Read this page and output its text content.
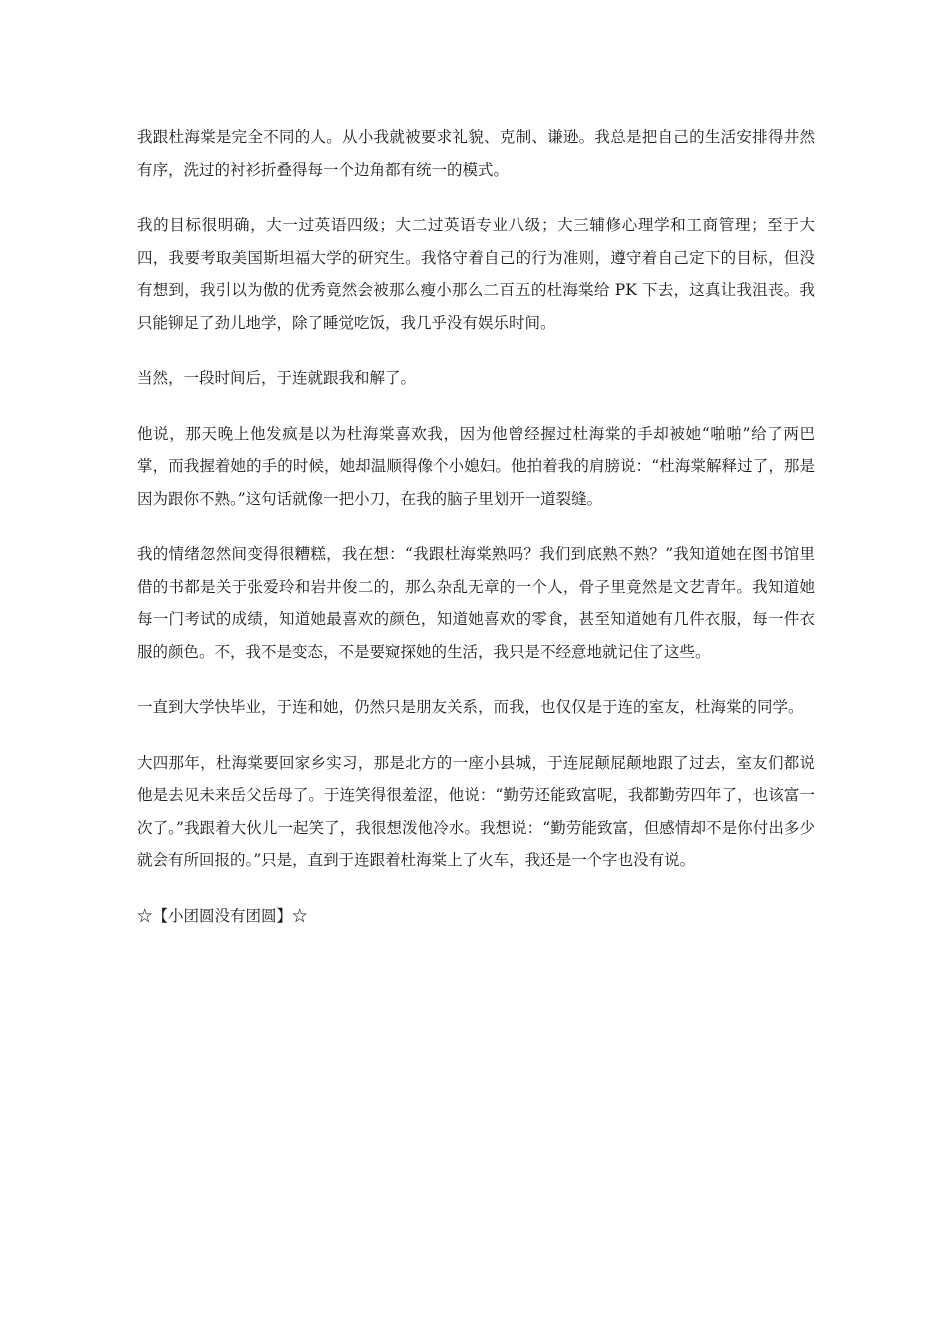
我跟杜海棠是完全不同的人。从小我就被要求礼貌、克制、谦逊。我总是把自己的生活安排得井然有序，洗过的衬衫折叠得每一个边角都有统一的模式。

我的目标很明确，大一过英语四级；大二过英语专业八级；大三辅修心理学和工商管理；至于大四，我要考取美国斯坦福大学的研究生。我恪守着自己的行为准则，遵守着自己定下的目标，但没有想到，我引以为傲的优秀竟然会被那么瘦小那么二百五的杜海棠给 PK 下去，这真让我沮丧。我只能铆足了劲儿地学，除了睡觉吃饭，我几乎没有娱乐时间。

当然，一段时间后，于连就跟我和解了。

他说，那天晚上他发疯是以为杜海棠喜欢我，因为他曾经握过杜海棠的手却被她“啪啪”给了两巴掌，而我握着她的手的时候，她却温顺得像个小媳妇。他拍着我的肩膀说：“杜海棠解释过了，那是因为跟你不熟。”这句话就像一把小刀，在我的脑子里划开一道裂缝。

我的情绪忽然间变得很糟糕，我在想：“我跟杜海棠熟吗？我们到底熟不熟？”我知道她在图书馆里借的书都是关于张爱玲和岩井俊二的，那么杂乱无章的一个人，骨子里竟然是文艺青年。我知道她每一门考试的成绩，知道她最喜欢的颜色，知道她喜欢的零食，甚至知道她有几件衣服，每一件衣服的颜色。不，我不是变态，不是要窥探她的生活，我只是不经意地就记住了这些。

一直到大学快毕业，于连和她，仍然只是朋友关系，而我，也仅仅是于连的室友，杜海棠的同学。

大四那年，杜海棠要回家乡实习，那是北方的一座小县城，于连屁颠屁颠地跟了过去，室友们都说他是去见未来岳父岳母了。于连笑得很羞涩，他说：“勤劳还能致富呢，我都勤劳四年了，也该富一次了。”我跟着大伙儿一起笑了，我很想泼他冷水。我想说：“勤劳能致富，但感情却不是你付出多少就会有所回报的。”只是，直到于连跟着杜海棠上了火车，我还是一个字也没有说。

☆【小团圆没有团圆】☆
